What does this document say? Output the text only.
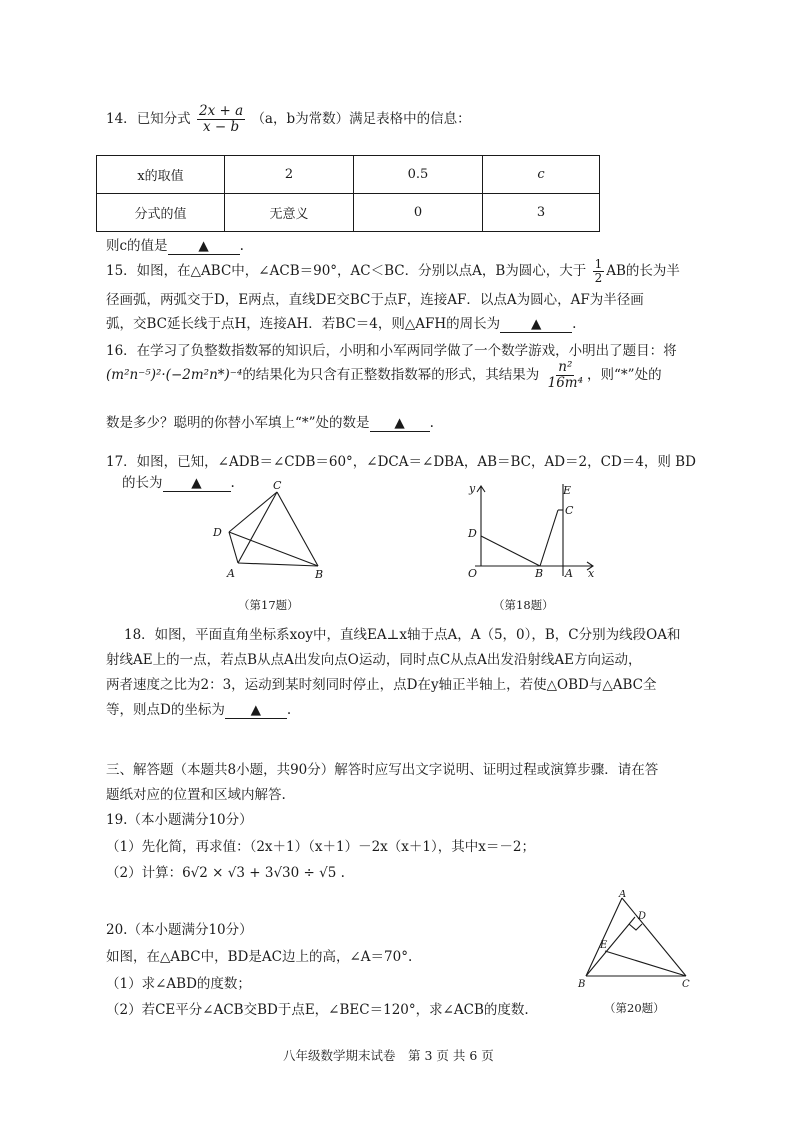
14．已知分式 $\frac{2x + a}{x - b} (a$，b为常数）满足表格中的信息：
x的取值	2	0.5	c
分式的值	无意义	0	3
则c的值是 ▲ .
15．如图，在△ABC中，∠ACB＝90°，AC＜BC．分别以点A，B为圆心，大于 $\frac{1}{2}$ AB的长为半
径画弧，两弧交于D，E两点，直线DE交BC于点F，连接AF．以点A为圆心，AF为半径画
弧，交BC延长线于点H，连接AH．若BC＝4，则△AFH的周长为 ▲ .
16．在学习了负整数指数幂的知识后，小明和小军两同学做了一个数学游戏，小明出了题目：将
(m²n⁻⁵)²·(−2m²n*)⁻⁴的结果化为只含有正整数指数幂的形式，其结果为 $\frac{\text{n²}}{\text{16m⁴}}$ ，则“*”处的
数是多少？聪明的你替小军填上“*”处的数是 ▲ .
17．如图，已知，∠ADB＝∠CDB＝60°，∠DCA＝∠DBA，AB＝BC，AD＝2，CD＝4，则 BD
的长为 ▲ .	C
D
A	B
（第17题）
y	E
C
D
O	B A x
（第18题）
18．如图，平面直角坐标系xoy中，直线EA⊥x轴于点A，A（5，0），B，C分别为线段OA和
射线AE上的一点，若点B从点A出发向点O运动，同时点C从点A出发沿射线AE方向运动，
两者速度之比为2：3，运动到某时刻同时停止，点D在y轴正半轴上，若使△OBD与△ABC全
等，则点D的坐标为 ▲ .
三、解答题（本题共8小题，共90分）解答时应写出文字说明、证明过程或演算步骤．请在答
题纸对应的位置和区域内解答.
19.（本小题满分10分）
（1）先化简，再求值：（2x＋1）（x＋1）－2x（x＋1），其中x＝－2；
（2）计算：6√2 × √3 + 3√30 ÷ √5 .
20.（本小题满分10分）
如图，在△ABC中，BD是AC边上的高，∠A＝70°.
（1）求∠ABD的度数；
（2）若CE平分∠ACB交BD于点E，∠BEC＝120°，求∠ACB的度数.
A
D
E
B	C
（第20题）
八年级数学期末试卷　第 3 页 共 6 页
